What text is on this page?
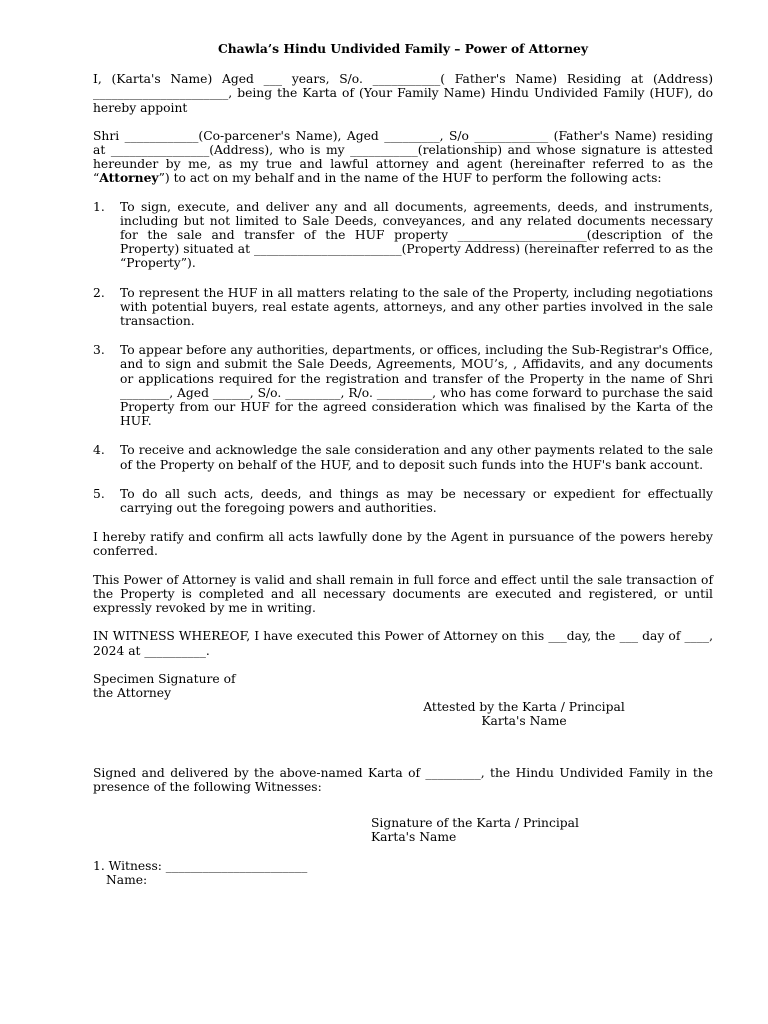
Chawla’s Hindu Undivided Family – Power of Attorney
I, (Karta's Name) Aged ___ years, S/o. ___________( Father's Name) Residing at (Address) ______________________, being the Karta of (Your Family Name) Hindu Undivided Family (HUF), do hereby appoint
Shri ____________(Co-parcener's Name), Aged _________, S/o ____________ (Father's Name) residing at ________________(Address), who is my ___________(relationship) and whose signature is attested hereunder by me, as my true and lawful attorney and agent (hereinafter referred to as the “Attorney”) to act on my behalf and in the name of the HUF to perform the following acts:
1. To sign, execute, and deliver any and all documents, agreements, deeds, and instruments, including but not limited to Sale Deeds, conveyances, and any related documents necessary for the sale and transfer of the HUF property _____________________(description of the Property) situated at ________________________(Property Address) (hereinafter referred to as the “Property”).
2. To represent the HUF in all matters relating to the sale of the Property, including negotiations with potential buyers, real estate agents, attorneys, and any other parties involved in the sale transaction.
3. To appear before any authorities, departments, or offices, including the Sub-Registrar's Office, and to sign and submit the Sale Deeds, Agreements, MOU’s, , Affidavits, and any documents or applications required for the registration and transfer of the Property in the name of Shri ________, Aged ______, S/o. _________, R/o. _________, who has come forward to purchase the said Property from our HUF for the agreed consideration which was finalised by the Karta of the HUF.
4. To receive and acknowledge the sale consideration and any other payments related to the sale of the Property on behalf of the HUF, and to deposit such funds into the HUF's bank account.
5. To do all such acts, deeds, and things as may be necessary or expedient for effectually carrying out the foregoing powers and authorities.
I hereby ratify and confirm all acts lawfully done by the Agent in pursuance of the powers hereby conferred.
This Power of Attorney is valid and shall remain in full force and effect until the sale transaction of the Property is completed and all necessary documents are executed and registered, or until expressly revoked by me in writing.
IN WITNESS WHEREOF, I have executed this Power of Attorney on this ___day, the ___ day of ____, 2024 at __________.
Specimen Signature of
the Attorney
Attested by the Karta / Principal
Karta's Name
Signed and delivered by the above-named Karta of _________, the Hindu Undivided Family in the presence of the following Witnesses:
Signature of the Karta / Principal
Karta's Name
1. Witness: _______________________
Name:
